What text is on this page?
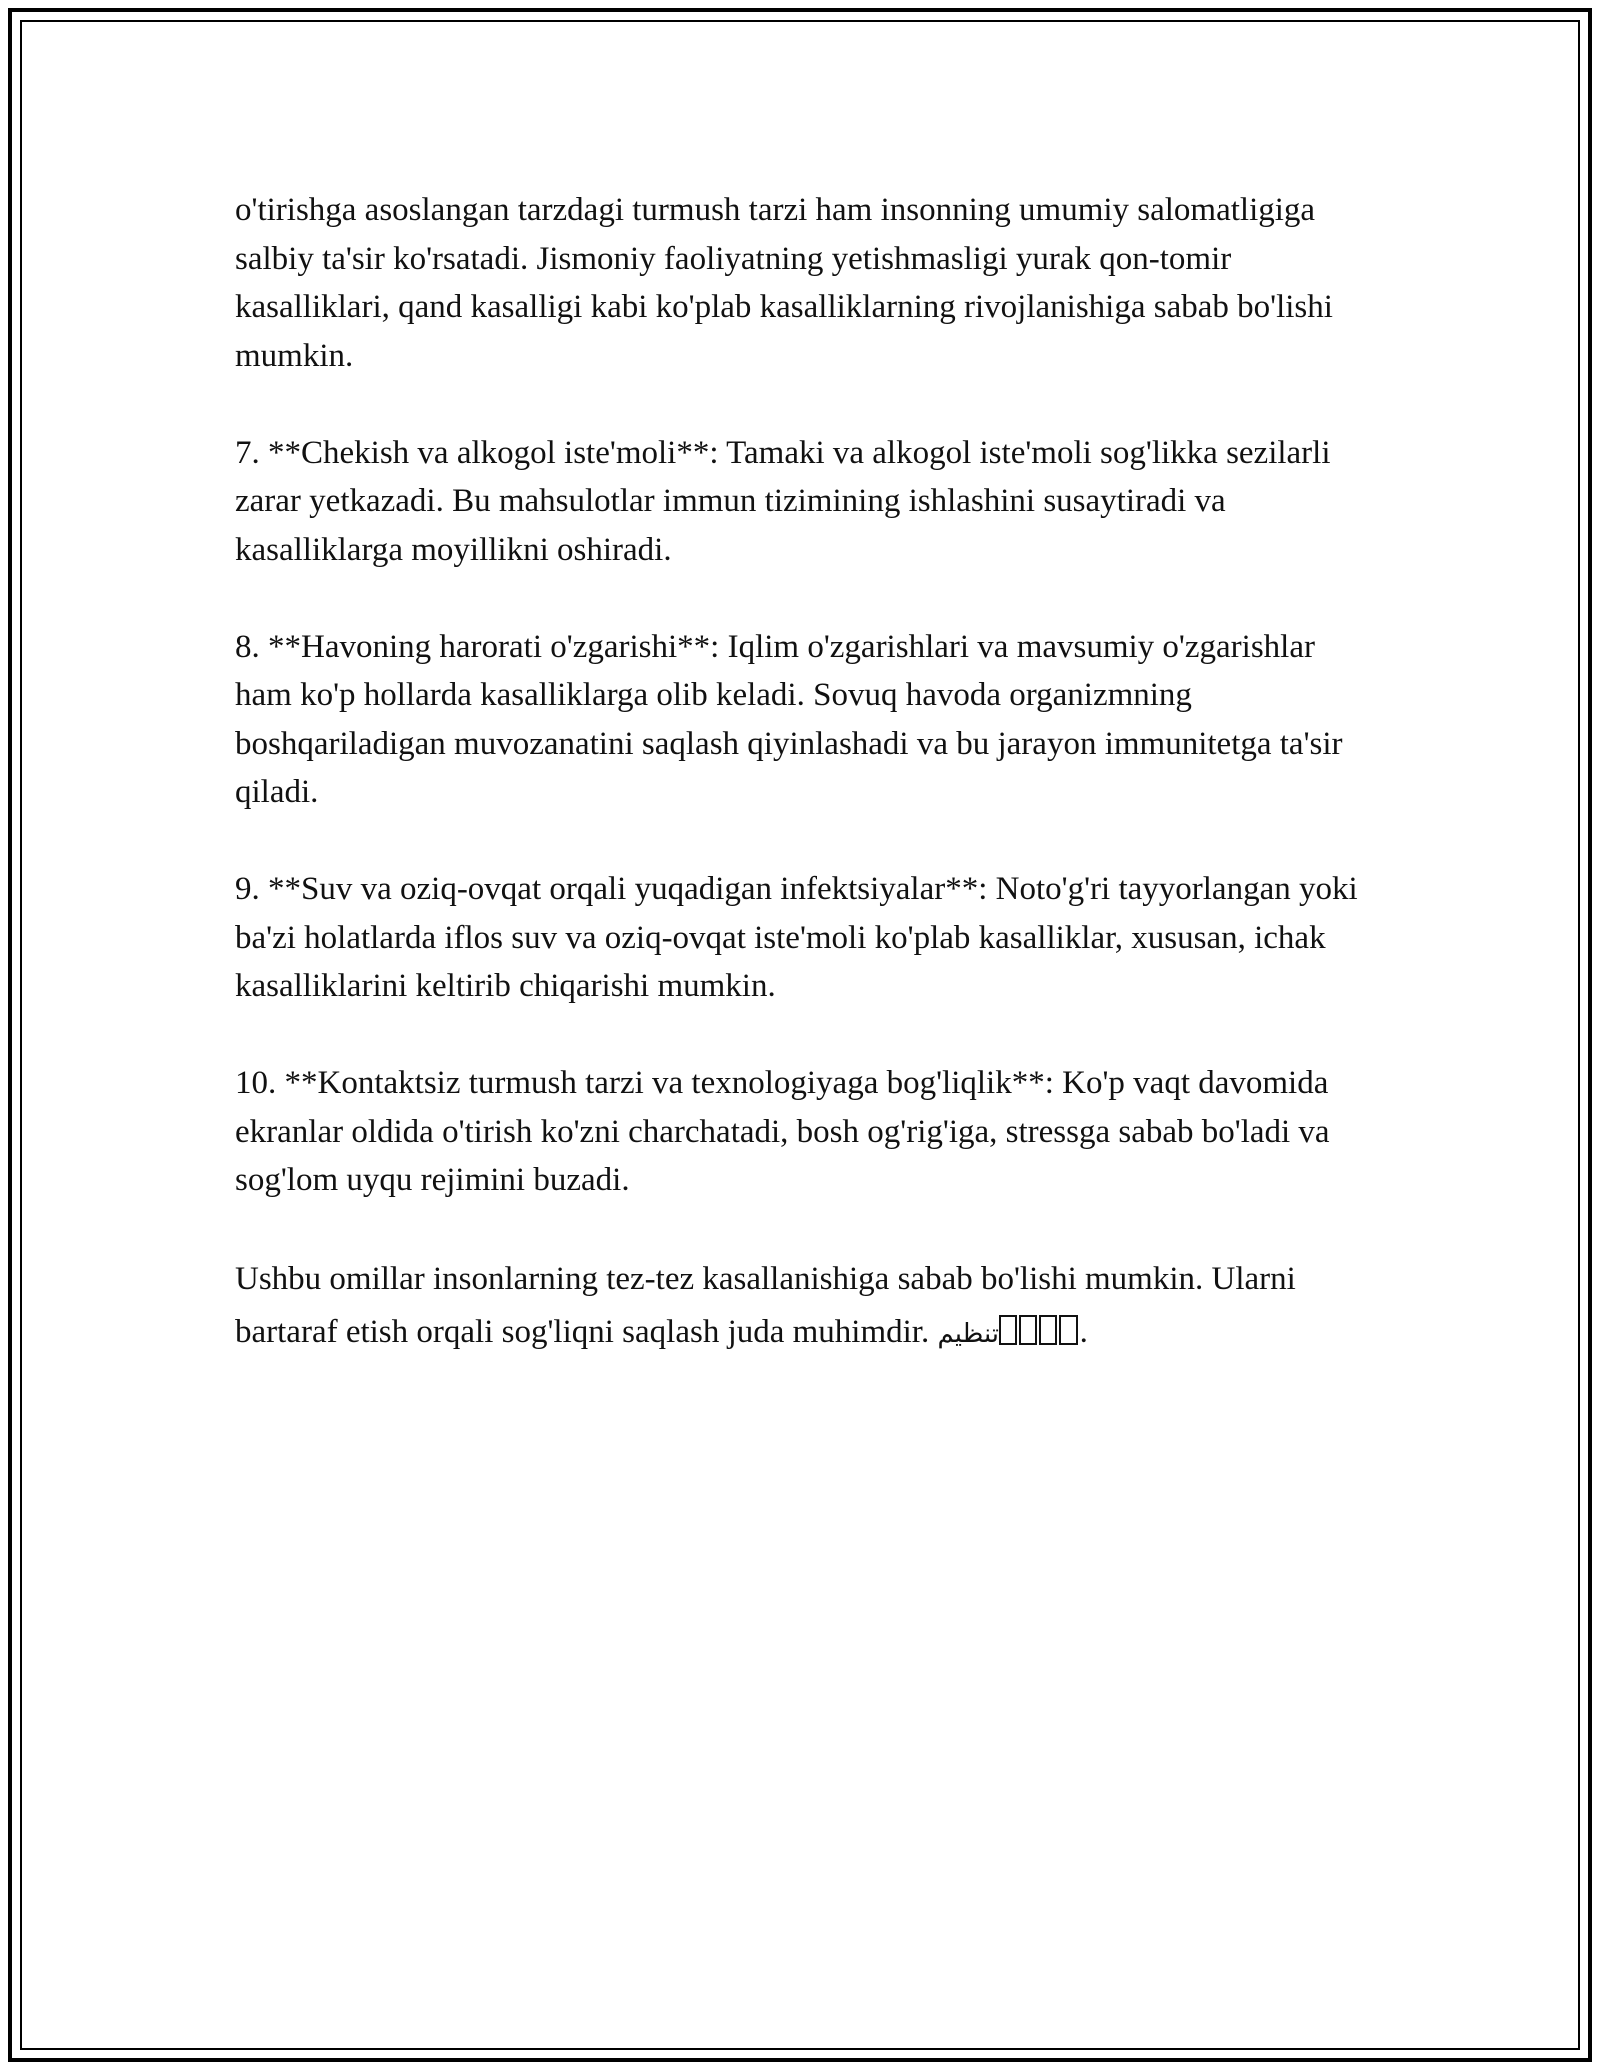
o'tirishga asoslangan tarzdagi turmush tarzi ham insonning umumiy salomatligiga salbiy ta'sir ko'rsatadi. Jismoniy faoliyatning yetishmasligi yurak qon-tomir kasalliklari, qand kasalligi kabi ko'plab kasalliklarning rivojlanishiga sabab bo'lishi mumkin.

7. **Chekish va alkogol iste'moli**: Tamaki va alkogol iste'moli sog'likka sezilarli zarar yetkazadi. Bu mahsulotlar immun tizimining ishlashini susaytiradi va kasalliklarga moyillikni oshiradi.

8. **Havoning harorati o'zgarishi**: Iqlim o'zgarishlari va mavsumiy o'zgarishlar ham ko'p hollarda kasalliklarga olib keladi. Sovuq havoda organizmning boshqariladigan muvozanatini saqlash qiyinlashadi va bu jarayon immunitetga ta'sir qiladi.

9. **Suv va oziq-ovqat orqali yuqadigan infektsiyalar**: Noto'g'ri tayyorlangan yoki ba'zi holatlarda iflos suv va oziq-ovqat iste'moli ko'plab kasalliklar, xususan, ichak kasalliklarini keltirib chiqarishi mumkin.

10. **Kontaktsiz turmush tarzi va texnologiyaga bog'liqlik**: Ko'p vaqt davomida ekranlar oldida o'tirish ko'zni charchatadi, bosh og'rig'iga, stressga sabab bo'ladi va sog'lom uyqu rejimini buzadi.

Ushbu omillar insonlarning tez-tez kasallanishiga sabab bo'lishi mumkin. Ularni bartaraf etish orqali sog'liqni saqlash juda muhimdir. تنظیم .
